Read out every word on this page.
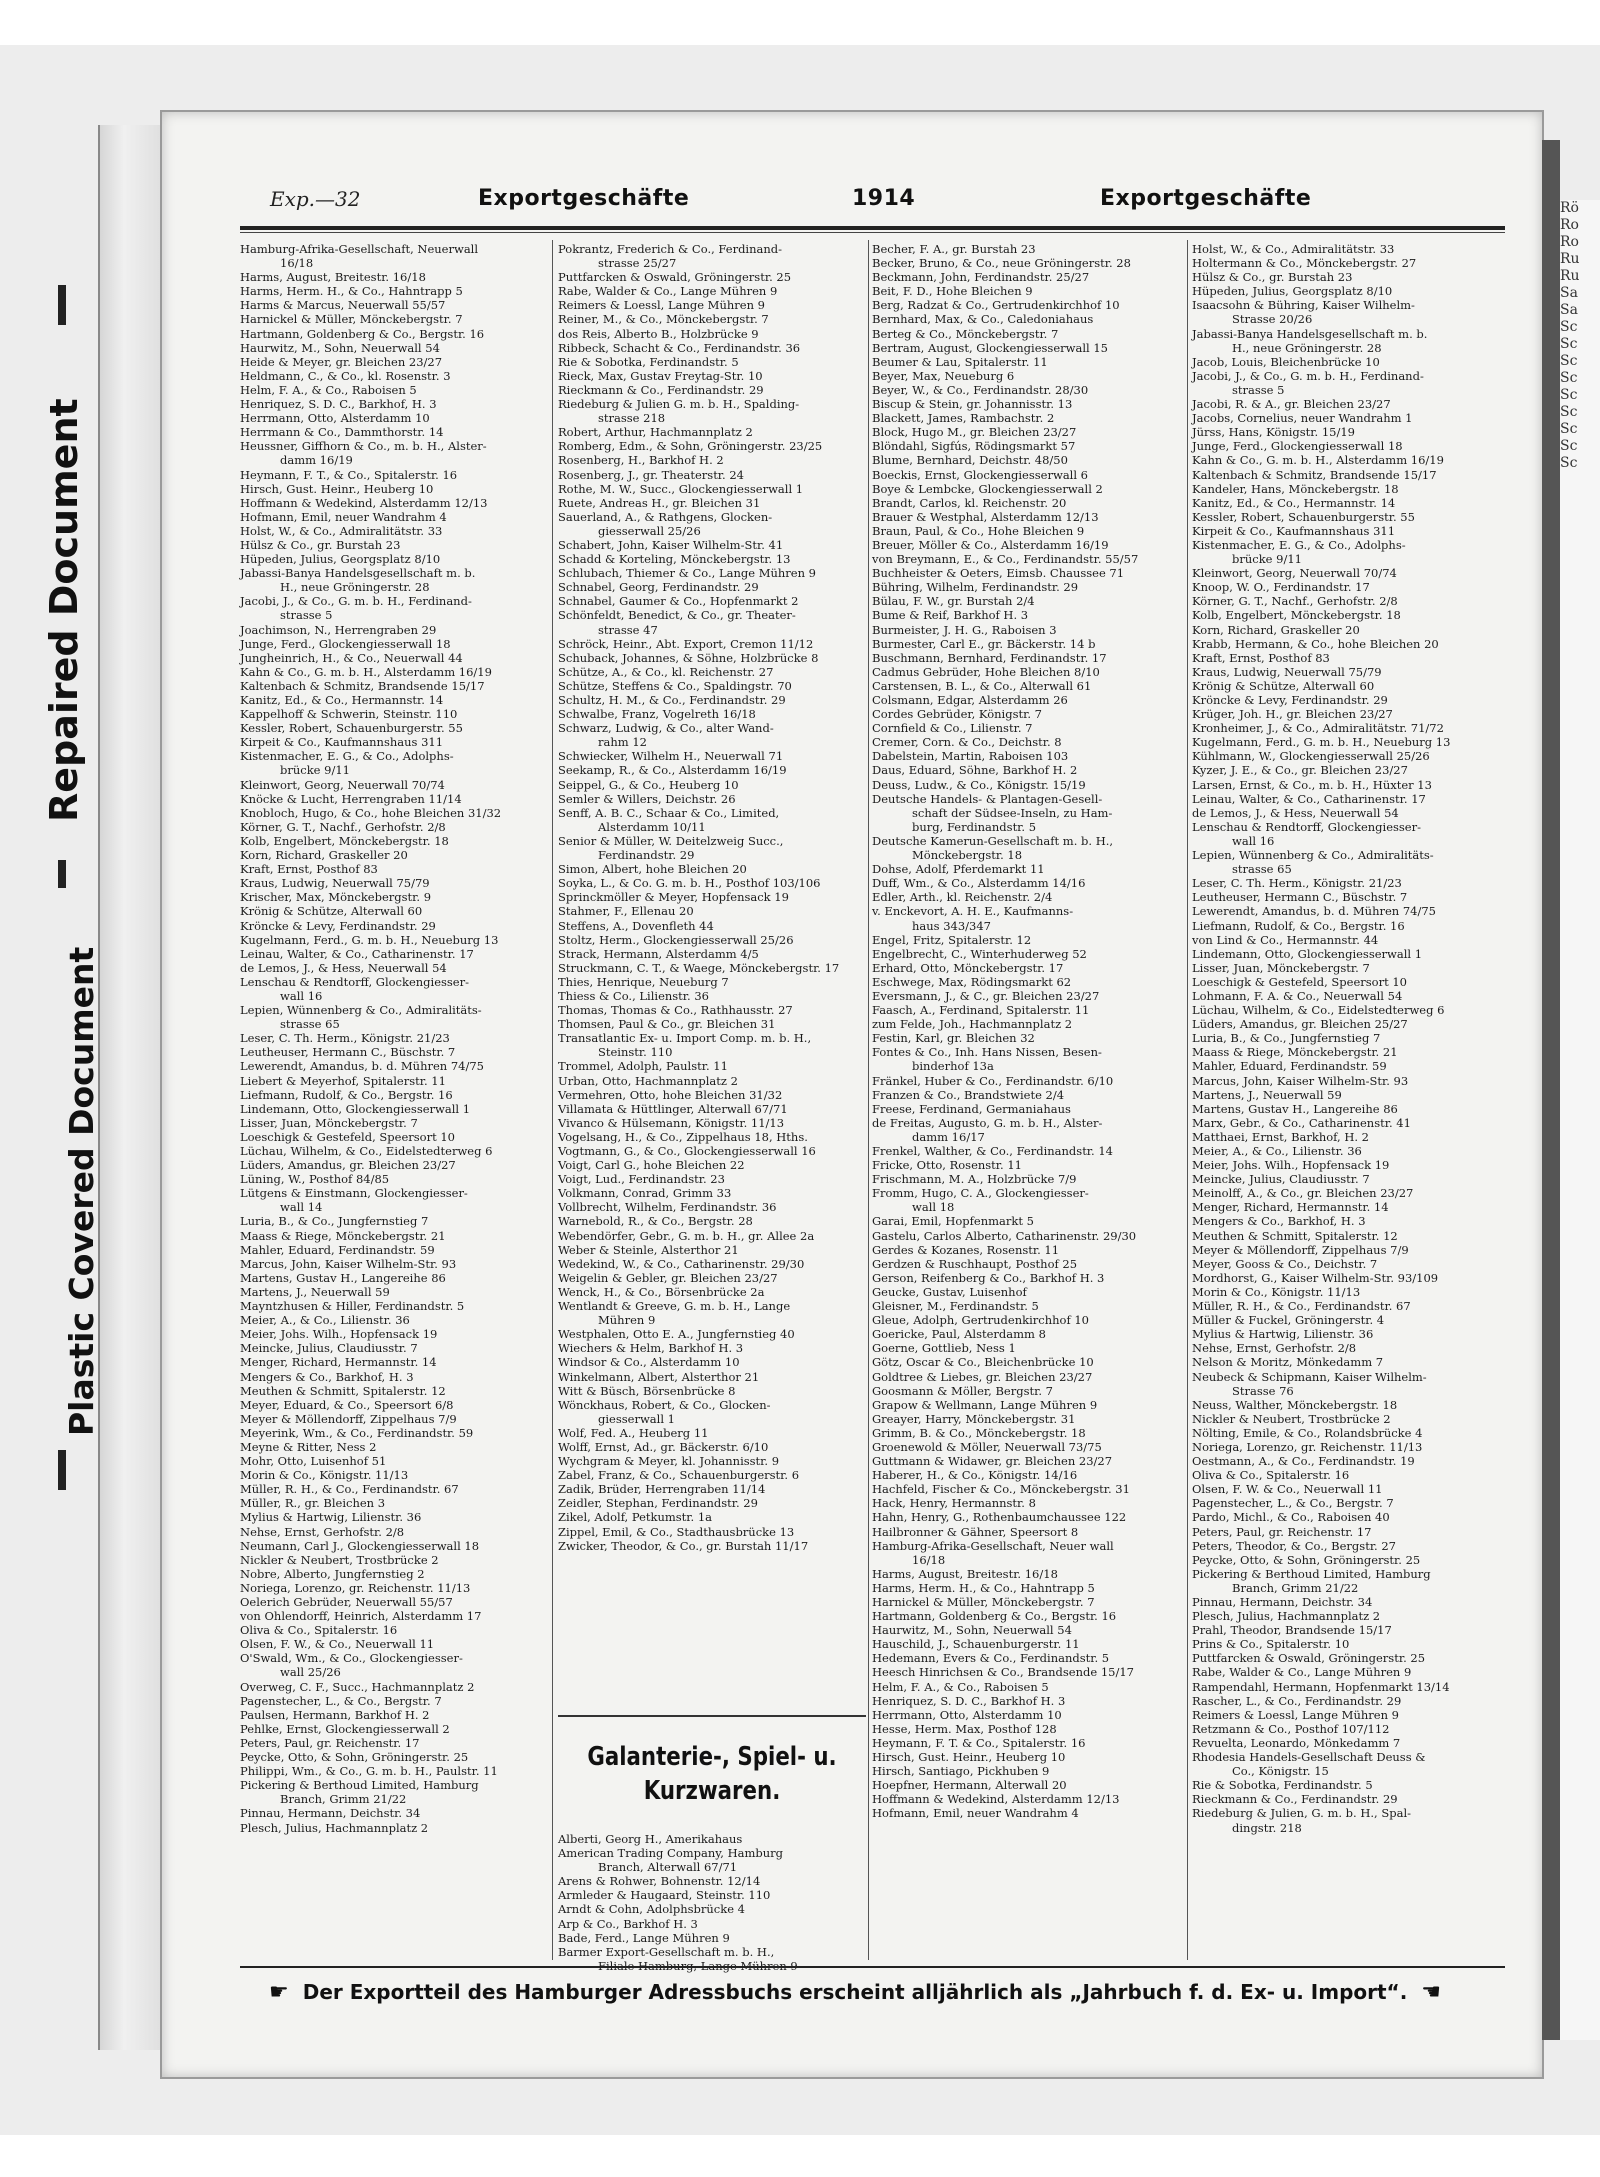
Rö
Ro
Ro
Ru
Ru
Sa
Sa
Sc
Sc
Sc
Sc
Sc
Sc
Sc
Sc
Sc
Repaired Document
Plastic Covered Document
Exp.—32	Exportgeschäfte	1914	Exportgeschäfte
Hamburg-Afrika-Gesellschaft, Neuerwall
16/18
Harms, August, Breitestr. 16/18
Harms, Herm. H., & Co., Hahntrapp 5
Harms & Marcus, Neuerwall 55/57
Harnickel & Müller, Mönckebergstr. 7
Hartmann, Goldenberg & Co., Bergstr. 16
Haurwitz, M., Sohn, Neuerwall 54
Heide & Meyer, gr. Bleichen 23/27
Heldmann, C., & Co., kl. Rosenstr. 3
Helm, F. A., & Co., Raboisen 5
Henriquez, S. D. C., Barkhof, H. 3
Herrmann, Otto, Alsterdamm 10
Herrmann & Co., Dammthorstr. 14
Heussner, Giffhorn & Co., m. b. H., Alster-
damm 16/19
Heymann, F. T., & Co., Spitalerstr. 16
Hirsch, Gust. Heinr., Heuberg 10
Hoffmann & Wedekind, Alsterdamm 12/13
Hofmann, Emil, neuer Wandrahm 4
Holst, W., & Co., Admiralitätstr. 33
Hülsz & Co., gr. Burstah 23
Hüpeden, Julius, Georgsplatz 8/10
Jabassi-Banya Handelsgesellschaft m. b.
H., neue Gröningerstr. 28
Jacobi, J., & Co., G. m. b. H., Ferdinand-
strasse 5
Joachimson, N., Herrengraben 29
Junge, Ferd., Glockengiesserwall 18
Jungheinrich, H., & Co., Neuerwall 44
Kahn & Co., G. m. b. H., Alsterdamm 16/19
Kaltenbach & Schmitz, Brandsende 15/17
Kanitz, Ed., & Co., Hermannstr. 14
Kappelhoff & Schwerin, Steinstr. 110
Kessler, Robert, Schauenburgerstr. 55
Kirpeit & Co., Kaufmannshaus 311
Kistenmacher, E. G., & Co., Adolphs-
brücke 9/11
Kleinwort, Georg, Neuerwall 70/74
Knöcke & Lucht, Herrengraben 11/14
Knobloch, Hugo, & Co., hohe Bleichen 31/32
Körner, G. T., Nachf., Gerhofstr. 2/8
Kolb, Engelbert, Mönckebergstr. 18
Korn, Richard, Graskeller 20
Kraft, Ernst, Posthof 83
Kraus, Ludwig, Neuerwall 75/79
Krischer, Max, Mönckebergstr. 9
Krönig & Schütze, Alterwall 60
Kröncke & Levy, Ferdinandstr. 29
Kugelmann, Ferd., G. m. b. H., Neueburg 13
Leinau, Walter, & Co., Catharinenstr. 17
de Lemos, J., & Hess, Neuerwall 54
Lenschau & Rendtorff, Glockengiesser-
wall 16
Lepien, Wünnenberg & Co., Admiralitäts-
strasse 65
Leser, C. Th. Herm., Königstr. 21/23
Leutheuser, Hermann C., Büschstr. 7
Lewerendt, Amandus, b. d. Mühren 74/75
Liebert & Meyerhof, Spitalerstr. 11
Liefmann, Rudolf, & Co., Bergstr. 16
Lindemann, Otto, Glockengiesserwall 1
Lisser, Juan, Mönckebergstr. 7
Loeschigk & Gestefeld, Speersort 10
Lüchau, Wilhelm, & Co., Eidelstedterweg 6
Lüders, Amandus, gr. Bleichen 23/27
Lüning, W., Posthof 84/85
Lütgens & Einstmann, Glockengiesser-
wall 14
Luria, B., & Co., Jungfernstieg 7
Maass & Riege, Mönckebergstr. 21
Mahler, Eduard, Ferdinandstr. 59
Marcus, John, Kaiser Wilhelm-Str. 93
Martens, Gustav H., Langereihe 86
Martens, J., Neuerwall 59
Mayntzhusen & Hiller, Ferdinandstr. 5
Meier, A., & Co., Lilienstr. 36
Meier, Johs. Wilh., Hopfensack 19
Meincke, Julius, Claudiusstr. 7
Menger, Richard, Hermannstr. 14
Mengers & Co., Barkhof, H. 3
Meuthen & Schmitt, Spitalerstr. 12
Meyer, Eduard, & Co., Speersort 6/8
Meyer & Möllendorff, Zippelhaus 7/9
Meyerink, Wm., & Co., Ferdinandstr. 59
Meyne & Ritter, Ness 2
Mohr, Otto, Luisenhof 51
Morin & Co., Königstr. 11/13
Müller, R. H., & Co., Ferdinandstr. 67
Müller, R., gr. Bleichen 3
Mylius & Hartwig, Lilienstr. 36
Nehse, Ernst, Gerhofstr. 2/8
Neumann, Carl J., Glockengiesserwall 18
Nickler & Neubert, Trostbrücke 2
Nobre, Alberto, Jungfernstieg 2
Noriega, Lorenzo, gr. Reichenstr. 11/13
Oelerich Gebrüder, Neuerwall 55/57
von Ohlendorff, Heinrich, Alsterdamm 17
Oliva & Co., Spitalerstr. 16
Olsen, F. W., & Co., Neuerwall 11
O'Swald, Wm., & Co., Glockengiesser-
wall 25/26
Overweg, C. F., Succ., Hachmannplatz 2
Pagenstecher, L., & Co., Bergstr. 7
Paulsen, Hermann, Barkhof H. 2
Pehlke, Ernst, Glockengiesserwall 2
Peters, Paul, gr. Reichenstr. 17
Peycke, Otto, & Sohn, Gröningerstr. 25
Philippi, Wm., & Co., G. m. b. H., Paulstr. 11
Pickering & Berthoud Limited, Hamburg
Branch, Grimm 21/22
Pinnau, Hermann, Deichstr. 34
Plesch, Julius, Hachmannplatz 2
Pokrantz, Frederich & Co., Ferdinand-
strasse 25/27
Puttfarcken & Oswald, Gröningerstr. 25
Rabe, Walder & Co., Lange Mühren 9
Reimers & Loessl, Lange Mühren 9
Reiner, M., & Co., Mönckebergstr. 7
dos Reis, Alberto B., Holzbrücke 9
Ribbeck, Schacht & Co., Ferdinandstr. 36
Rie & Sobotka, Ferdinandstr. 5
Rieck, Max, Gustav Freytag-Str. 10
Rieckmann & Co., Ferdinandstr. 29
Riedeburg & Julien G. m. b. H., Spalding-
strasse 218
Robert, Arthur, Hachmannplatz 2
Romberg, Edm., & Sohn, Gröningerstr. 23/25
Rosenberg, H., Barkhof H. 2
Rosenberg, J., gr. Theaterstr. 24
Rothe, M. W., Succ., Glockengiesserwall 1
Ruete, Andreas H., gr. Bleichen 31
Sauerland, A., & Rathgens, Glocken-
giesserwall 25/26
Schabert, John, Kaiser Wilhelm-Str. 41
Schadd & Korteling, Mönckebergstr. 13
Schlubach, Thiemer & Co., Lange Mühren 9
Schnabel, Georg, Ferdinandstr. 29
Schnabel, Gaumer & Co., Hopfenmarkt 2
Schönfeldt, Benedict, & Co., gr. Theater-
strasse 47
Schröck, Heinr., Abt. Export, Cremon 11/12
Schuback, Johannes, & Söhne, Holzbrücke 8
Schütze, A., & Co., kl. Reichenstr. 27
Schütze, Steffens & Co., Spaldingstr. 70
Schultz, H. M., & Co., Ferdinandstr. 29
Schwalbe, Franz, Vogelreth 16/18
Schwarz, Ludwig, & Co., alter Wand-
rahm 12
Schwiecker, Wilhelm H., Neuerwall 71
Seekamp, R., & Co., Alsterdamm 16/19
Seippel, G., & Co., Heuberg 10
Semler & Willers, Deichstr. 26
Senff, A. B. C., Schaar & Co., Limited,
Alsterdamm 10/11
Senior & Müller, W. Deitelzweig Succ.,
Ferdinandstr. 29
Simon, Albert, hohe Bleichen 20
Soyka, L., & Co. G. m. b. H., Posthof 103/106
Sprinckmöller & Meyer, Hopfensack 19
Stahmer, F., Ellenau 20
Steffens, A., Dovenfleth 44
Stoltz, Herm., Glockengiesserwall 25/26
Strack, Hermann, Alsterdamm 4/5
Struckmann, C. T., & Waege, Mönckebergstr. 17
Thies, Henrique, Neueburg 7
Thiess & Co., Lilienstr. 36
Thomas, Thomas & Co., Rathhausstr. 27
Thomsen, Paul & Co., gr. Bleichen 31
Transatlantic Ex- u. Import Comp. m. b. H.,
Steinstr. 110
Trommel, Adolph, Paulstr. 11
Urban, Otto, Hachmannplatz 2
Vermehren, Otto, hohe Bleichen 31/32
Villamata & Hüttlinger, Alterwall 67/71
Vivanco & Hülsemann, Königstr. 11/13
Vogelsang, H., & Co., Zippelhaus 18, Hths.
Vogtmann, G., & Co., Glockengiesserwall 16
Voigt, Carl G., hohe Bleichen 22
Voigt, Lud., Ferdinandstr. 23
Volkmann, Conrad, Grimm 33
Vollbrecht, Wilhelm, Ferdinandstr. 36
Warnebold, R., & Co., Bergstr. 28
Webendörfer, Gebr., G. m. b. H., gr. Allee 2a
Weber & Steinle, Alsterthor 21
Wedekind, W., & Co., Catharinenstr. 29/30
Weigelin & Gebler, gr. Bleichen 23/27
Wenck, H., & Co., Börsenbrücke 2a
Wentlandt & Greeve, G. m. b. H., Lange
Mühren 9
Westphalen, Otto E. A., Jungfernstieg 40
Wiechers & Helm, Barkhof H. 3
Windsor & Co., Alsterdamm 10
Winkelmann, Albert, Alsterthor 21
Witt & Büsch, Börsenbrücke 8
Wönckhaus, Robert, & Co., Glocken-
giesserwall 1
Wolf, Fed. A., Heuberg 11
Wolff, Ernst, Ad., gr. Bäckerstr. 6/10
Wychgram & Meyer, kl. Johannisstr. 9
Zabel, Franz, & Co., Schauenburgerstr. 6
Zadik, Brüder, Herrengraben 11/14
Zeidler, Stephan, Ferdinandstr. 29
Zikel, Adolf, Petkumstr. 1a
Zippel, Emil, & Co., Stadthausbrücke 13
Zwicker, Theodor, & Co., gr. Burstah 11/17
Becher, F. A., gr. Burstah 23
Becker, Bruno, & Co., neue Gröningerstr. 28
Beckmann, John, Ferdinandstr. 25/27
Beit, F. D., Hohe Bleichen 9
Berg, Radzat & Co., Gertrudenkirchhof 10
Bernhard, Max, & Co., Caledoniahaus
Berteg & Co., Mönckebergstr. 7
Bertram, August, Glockengiesserwall 15
Beumer & Lau, Spitalerstr. 11
Beyer, Max, Neueburg 6
Beyer, W., & Co., Ferdinandstr. 28/30
Biscup & Stein, gr. Johannisstr. 13
Blackett, James, Rambachstr. 2
Block, Hugo M., gr. Bleichen 23/27
Blöndahl, Sigfús, Rödingsmarkt 57
Blume, Bernhard, Deichstr. 48/50
Boeckis, Ernst, Glockengiesserwall 6
Boye & Lembcke, Glockengiesserwall 2
Brandt, Carlos, kl. Reichenstr. 20
Brauer & Westphal, Alsterdamm 12/13
Braun, Paul, & Co., Hohe Bleichen 9
Breuer, Möller & Co., Alsterdamm 16/19
von Breymann, E., & Co., Ferdinandstr. 55/57
Buchheister & Oeters, Eimsb. Chaussee 71
Bühring, Wilhelm, Ferdinandstr. 29
Bülau, F. W., gr. Burstah 2/4
Bume & Reif, Barkhof H. 3
Burmeister, J. H. G., Raboisen 3
Burmester, Carl E., gr. Bäckerstr. 14 b
Buschmann, Bernhard, Ferdinandstr. 17
Cadmus Gebrüder, Hohe Bleichen 8/10
Carstensen, B. L., & Co., Alterwall 61
Colsmann, Edgar, Alsterdamm 26
Cordes Gebrüder, Königstr. 7
Cornfield & Co., Lilienstr. 7
Cremer, Corn. & Co., Deichstr. 8
Dabelstein, Martin, Raboisen 103
Daus, Eduard, Söhne, Barkhof H. 2
Deuss, Ludw., & Co., Königstr. 15/19
Deutsche Handels- & Plantagen-Gesell-
schaft der Südsee-Inseln, zu Ham-
burg, Ferdinandstr. 5
Deutsche Kamerun-Gesellschaft m. b. H.,
Mönckebergstr. 18
Dohse, Adolf, Pferdemarkt 11
Duff, Wm., & Co., Alsterdamm 14/16
Edler, Arth., kl. Reichenstr. 2/4
v. Enckevort, A. H. E., Kaufmanns-
haus 343/347
Engel, Fritz, Spitalerstr. 12
Engelbrecht, C., Winterhuderweg 52
Erhard, Otto, Mönckebergstr. 17
Eschwege, Max, Rödingsmarkt 62
Eversmann, J., & C., gr. Bleichen 23/27
Faasch, A., Ferdinand, Spitalerstr. 11
zum Felde, Joh., Hachmannplatz 2
Festin, Karl, gr. Bleichen 32
Fontes & Co., Inh. Hans Nissen, Besen-
binderhof 13a
Fränkel, Huber & Co., Ferdinandstr. 6/10
Franzen & Co., Brandstwiete 2/4
Freese, Ferdinand, Germaniahaus
de Freitas, Augusto, G. m. b. H., Alster-
damm 16/17
Frenkel, Walther, & Co., Ferdinandstr. 14
Fricke, Otto, Rosenstr. 11
Frischmann, M. A., Holzbrücke 7/9
Fromm, Hugo, C. A., Glockengiesser-
wall 18
Garai, Emil, Hopfenmarkt 5
Gastelu, Carlos Alberto, Catharinenstr. 29/30
Gerdes & Kozanes, Rosenstr. 11
Gerdzen & Ruschhaupt, Posthof 25
Gerson, Reifenberg & Co., Barkhof H. 3
Geucke, Gustav, Luisenhof
Gleisner, M., Ferdinandstr. 5
Gleue, Adolph, Gertrudenkirchhof 10
Goericke, Paul, Alsterdamm 8
Goerne, Gottlieb, Ness 1
Götz, Oscar & Co., Bleichenbrücke 10
Goldtree & Liebes, gr. Bleichen 23/27
Goosmann & Möller, Bergstr. 7
Grapow & Wellmann, Lange Mühren 9
Greayer, Harry, Mönckebergstr. 31
Grimm, B. & Co., Mönckebergstr. 18
Groenewold & Möller, Neuerwall 73/75
Guttmann & Widawer, gr. Bleichen 23/27
Haberer, H., & Co., Königstr. 14/16
Hachfeld, Fischer & Co., Mönckebergstr. 31
Hack, Henry, Hermannstr. 8
Hahn, Henry, G., Rothenbaumchaussee 122
Hailbronner & Gähner, Speersort 8
Hamburg-Afrika-Gesellschaft, Neuer wall
16/18
Harms, August, Breitestr. 16/18
Harms, Herm. H., & Co., Hahntrapp 5
Harnickel & Müller, Mönckebergstr. 7
Hartmann, Goldenberg & Co., Bergstr. 16
Haurwitz, M., Sohn, Neuerwall 54
Hauschild, J., Schauenburgerstr. 11
Hedemann, Evers & Co., Ferdinandstr. 5
Heesch Hinrichsen & Co., Brandsende 15/17
Helm, F. A., & Co., Raboisen 5
Henriquez, S. D. C., Barkhof H. 3
Herrmann, Otto, Alsterdamm 10
Hesse, Herm. Max, Posthof 128
Heymann, F. T. & Co., Spitalerstr. 16
Hirsch, Gust. Heinr., Heuberg 10
Hirsch, Santiago, Pickhuben 9
Hoepfner, Hermann, Alterwall 20
Hoffmann & Wedekind, Alsterdamm 12/13
Hofmann, Emil, neuer Wandrahm 4
Holst, W., & Co., Admiralitätstr. 33
Holtermann & Co., Mönckebergstr. 27
Hülsz & Co., gr. Burstah 23
Hüpeden, Julius, Georgsplatz 8/10
Isaacsohn & Bühring, Kaiser Wilhelm-
Strasse 20/26
Jabassi-Banya Handelsgesellschaft m. b.
H., neue Gröningerstr. 28
Jacob, Louis, Bleichenbrücke 10
Jacobi, J., & Co., G. m. b. H., Ferdinand-
strasse 5
Jacobi, R. & A., gr. Bleichen 23/27
Jacobs, Cornelius, neuer Wandrahm 1
Jürss, Hans, Königstr. 15/19
Junge, Ferd., Glockengiesserwall 18
Kahn & Co., G. m. b. H., Alsterdamm 16/19
Kaltenbach & Schmitz, Brandsende 15/17
Kandeler, Hans, Mönckebergstr. 18
Kanitz, Ed., & Co., Hermannstr. 14
Kessler, Robert, Schauenburgerstr. 55
Kirpeit & Co., Kaufmannshaus 311
Kistenmacher, E. G., & Co., Adolphs-
brücke 9/11
Kleinwort, Georg, Neuerwall 70/74
Knoop, W. O., Ferdinandstr. 17
Körner, G. T., Nachf., Gerhofstr. 2/8
Kolb, Engelbert, Mönckebergstr. 18
Korn, Richard, Graskeller 20
Krabb, Hermann, & Co., hohe Bleichen 20
Kraft, Ernst, Posthof 83
Kraus, Ludwig, Neuerwall 75/79
Krönig & Schütze, Alterwall 60
Kröncke & Levy, Ferdinandstr. 29
Krüger, Joh. H., gr. Bleichen 23/27
Kronheimer, J., & Co., Admiralitätstr. 71/72
Kugelmann, Ferd., G. m. b. H., Neueburg 13
Kühlmann, W., Glockengiesserwall 25/26
Kyzer, J. E., & Co., gr. Bleichen 23/27
Larsen, Ernst, & Co., m. b. H., Hüxter 13
Leinau, Walter, & Co., Catharinenstr. 17
de Lemos, J., & Hess, Neuerwall 54
Lenschau & Rendtorff, Glockengiesser-
wall 16
Lepien, Wünnenberg & Co., Admiralitäts-
strasse 65
Leser, C. Th. Herm., Königstr. 21/23
Leutheuser, Hermann C., Büschstr. 7
Lewerendt, Amandus, b. d. Mühren 74/75
Liefmann, Rudolf, & Co., Bergstr. 16
von Lind & Co., Hermannstr. 44
Lindemann, Otto, Glockengiesserwall 1
Lisser, Juan, Mönckebergstr. 7
Loeschigk & Gestefeld, Speersort 10
Lohmann, F. A. & Co., Neuerwall 54
Lüchau, Wilhelm, & Co., Eidelstedterweg 6
Lüders, Amandus, gr. Bleichen 25/27
Luria, B., & Co., Jungfernstieg 7
Maass & Riege, Mönckebergstr. 21
Mahler, Eduard, Ferdinandstr. 59
Marcus, John, Kaiser Wilhelm-Str. 93
Martens, J., Neuerwall 59
Martens, Gustav H., Langereihe 86
Marx, Gebr., & Co., Catharinenstr. 41
Matthaei, Ernst, Barkhof, H. 2
Meier, A., & Co., Lilienstr. 36
Meier, Johs. Wilh., Hopfensack 19
Meincke, Julius, Claudiusstr. 7
Meinolff, A., & Co., gr. Bleichen 23/27
Menger, Richard, Hermannstr. 14
Mengers & Co., Barkhof, H. 3
Meuthen & Schmitt, Spitalerstr. 12
Meyer & Möllendorff, Zippelhaus 7/9
Meyer, Gooss & Co., Deichstr. 7
Mordhorst, G., Kaiser Wilhelm-Str. 93/109
Morin & Co., Königstr. 11/13
Müller, R. H., & Co., Ferdinandstr. 67
Müller & Fuckel, Gröningerstr. 4
Mylius & Hartwig, Lilienstr. 36
Nehse, Ernst, Gerhofstr. 2/8
Nelson & Moritz, Mönkedamm 7
Neubeck & Schipmann, Kaiser Wilhelm-
Strasse 76
Neuss, Walther, Mönckebergstr. 18
Nickler & Neubert, Trostbrücke 2
Nölting, Emile, & Co., Rolandsbrücke 4
Noriega, Lorenzo, gr. Reichenstr. 11/13
Oestmann, A., & Co., Ferdinandstr. 19
Oliva & Co., Spitalerstr. 16
Olsen, F. W. & Co., Neuerwall 11
Pagenstecher, L., & Co., Bergstr. 7
Pardo, Michl., & Co., Raboisen 40
Peters, Paul, gr. Reichenstr. 17
Peters, Theodor, & Co., Bergstr. 27
Peycke, Otto, & Sohn, Gröningerstr. 25
Pickering & Berthoud Limited, Hamburg
Branch, Grimm 21/22
Pinnau, Hermann, Deichstr. 34
Plesch, Julius, Hachmannplatz 2
Prahl, Theodor, Brandsende 15/17
Prins & Co., Spitalerstr. 10
Puttfarcken & Oswald, Gröningerstr. 25
Rabe, Walder & Co., Lange Mühren 9
Rampendahl, Hermann, Hopfenmarkt 13/14
Rascher, L., & Co., Ferdinandstr. 29
Reimers & Loessl, Lange Mühren 9
Retzmann & Co., Posthof 107/112
Revuelta, Leonardo, Mönkedamm 7
Rhodesia Handels-Gesellschaft Deuss &
Co., Königstr. 15
Rie & Sobotka, Ferdinandstr. 5
Rieckmann & Co., Ferdinandstr. 29
Riedeburg & Julien, G. m. b. H., Spal-
dingstr. 218
Galanterie-, Spiel- u.
Kurzwaren.
Alberti, Georg H., Amerikahaus
American Trading Company, Hamburg
Branch, Alterwall 67/71
Arens & Rohwer, Bohnenstr. 12/14
Armleder & Haugaard, Steinstr. 110
Arndt & Cohn, Adolphsbrücke 4
Arp & Co., Barkhof H. 3
Bade, Ferd., Lange Mühren 9
Barmer Export-Gesellschaft m. b. H.,
☛ Der Exportteil des Hamburger Adressbuchs erscheint alljährlich als „Jahrbuch f. d. Ex- u. Import“. ☚
